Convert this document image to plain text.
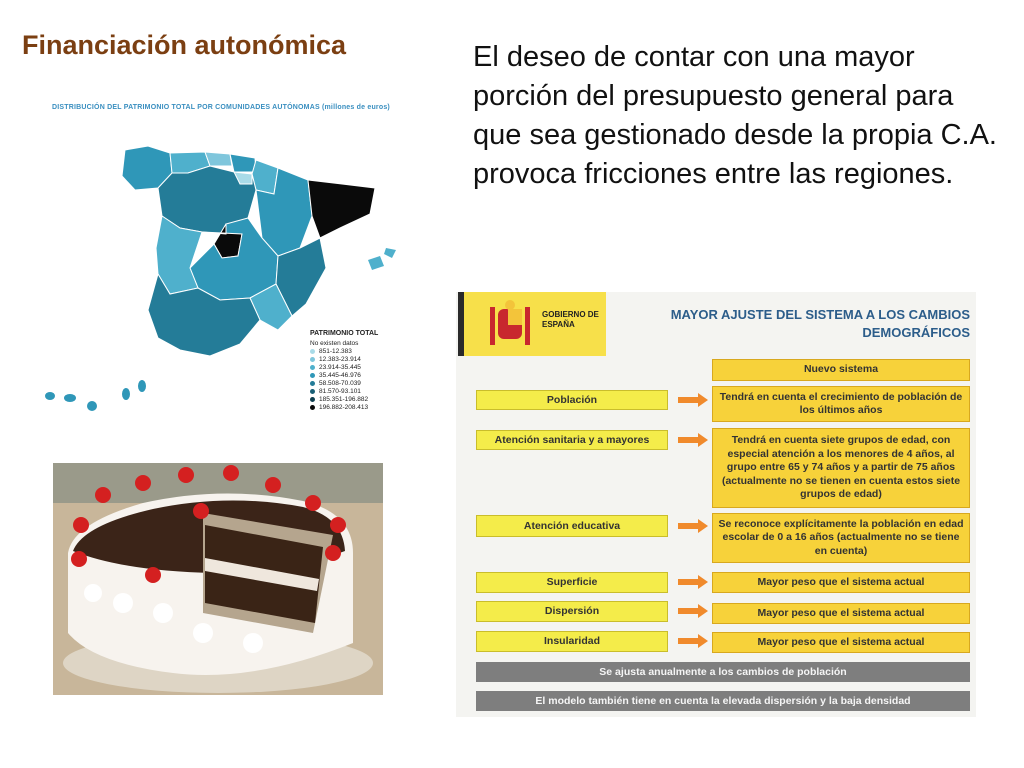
Financiación autonómica	El deseo de contar con una mayor porción del presupuesto general para que sea gestionado desde la propia C.A. provoca fricciones entre las regiones.

DISTRIBUCIÓN DEL PATRIMONIO TOTAL POR COMUNIDADES AUTÓNOMAS (millones de euros)
PATRIMONIO TOTAL
No existen datos
851-12.383
12.383-23.914
23.914-35.445
35.445-46.976
58.508-70.039
81.570-93.101
185.351-196.882
196.882-208.413
GOBIERNO DE ESPAÑA
MAYOR AJUSTE DEL SISTEMA A LOS CAMBIOS DEMOGRÁFICOS
Nuevo sistema
Población	Tendrá en cuenta el crecimiento de población de los últimos años
Atención sanitaria y a mayores	Tendrá en cuenta siete grupos de edad, con especial atención a los menores de 4 años, al grupo entre 65 y 74 años y a partir de 75 años (actualmente no se tienen en cuenta estos siete grupos de edad)
Atención educativa	Se reconoce explícitamente la población en edad escolar de 0 a 16 años (actualmente no se tiene en cuenta)
Superficie	Mayor peso que el sistema actual
Dispersión	Mayor peso que el sistema actual
Insularidad	Mayor peso que el sistema actual
Se ajusta anualmente a los cambios de población
El modelo también tiene en cuenta la elevada dispersión y la baja densidad
